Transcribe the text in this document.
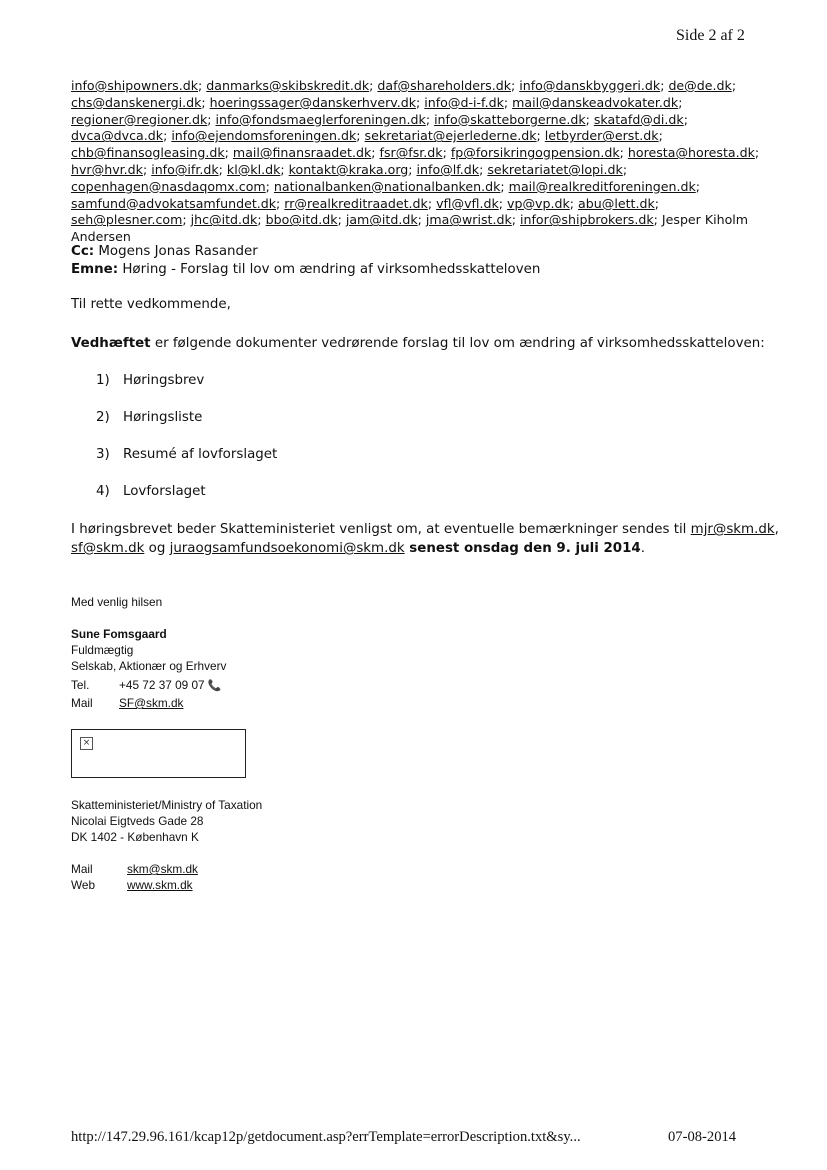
Side 2 af 2
info@shipowners.dk; danmarks@skibskredit.dk; daf@shareholders.dk; info@danskbyggeri.dk; de@de.dk;
chs@danskenergi.dk; hoeringssager@danskerhverv.dk; info@d-i-f.dk; mail@danskeadvokater.dk;
regioner@regioner.dk; info@fondsmaeglerforeningen.dk; info@skatteborgerne.dk; skatafd@di.dk;
dvca@dvca.dk; info@ejendomsforeningen.dk; sekretariat@ejerlederne.dk; letbyrder@erst.dk;
chb@finansogleasing.dk; mail@finansraadet.dk; fsr@fsr.dk; fp@forsikringogpension.dk; horesta@horesta.dk;
hvr@hvr.dk; info@ifr.dk; kl@kl.dk; kontakt@kraka.org; info@lf.dk; sekretariatet@lopi.dk;
copenhagen@nasdaqomx.com; nationalbanken@nationalbanken.dk; mail@realkreditforeningen.dk;
samfund@advokatsamfundet.dk; rr@realkreditraadet.dk; vfl@vfl.dk; vp@vp.dk; abu@lett.dk;
seh@plesner.com; jhc@itd.dk; bbo@itd.dk; jam@itd.dk; jma@wrist.dk; infor@shipbrokers.dk; Jesper Kiholm
Andersen
Cc: Mogens Jonas Rasander
Emne: Høring - Forslag til lov om ændring af virksomhedsskatteloven
Til rette vedkommende,
Vedhæftet er følgende dokumenter vedrørende forslag til lov om ændring af virksomhedsskatteloven:
1) Høringsbrev
2) Høringsliste
3) Resumé af lovforslaget
4) Lovforslaget
I høringsbrevet beder Skatteministeriet venligst om, at eventuelle bemærkninger sendes til mjr@skm.dk,
sf@skm.dk og juraogsamfundsoekonomi@skm.dk senest onsdag den 9. juli 2014.
Med venlig hilsen
Sune Fomsgaard
Fuldmægtig
Selskab, Aktionær og Erhverv
Tel.	+45 72 37 09 07 📞
Mail SF@skm.dk
×
Skatteministeriet/Ministry of Taxation
Nicolai Eigtveds Gade 28
DK 1402 - København K
Mail	skm@skm.dk
Web	www.skm.dk
http://147.29.96.161/kcap12p/getdocument.asp?errTemplate=errorDescription.txt&sy...	07-08-2014
